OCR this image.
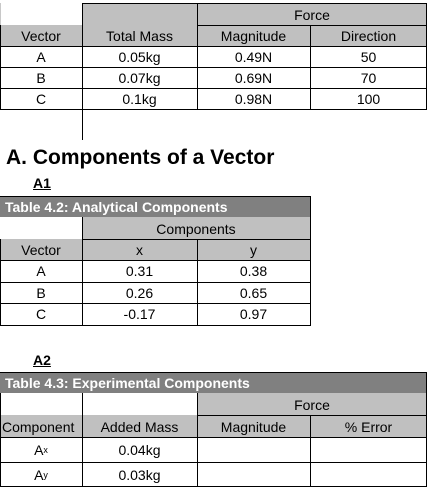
Force
Vector	Total Mass	Magnitude	Direction
A	0.05kg	0.49N	50
B	0.07kg	0.69N	70
C	0.1kg	0.98N	100
A. Components of a Vector
A1
Table 4.2: Analytical Components
Components
Vector	x	y
A	0.31	0.38
B	0.26	0.65
C	-0.17	0.97
A2
Table 4.3: Experimental Components
Force
Component	Added Mass	Magnitude	% Error
A x	0.04kg
A y	0.03kg
